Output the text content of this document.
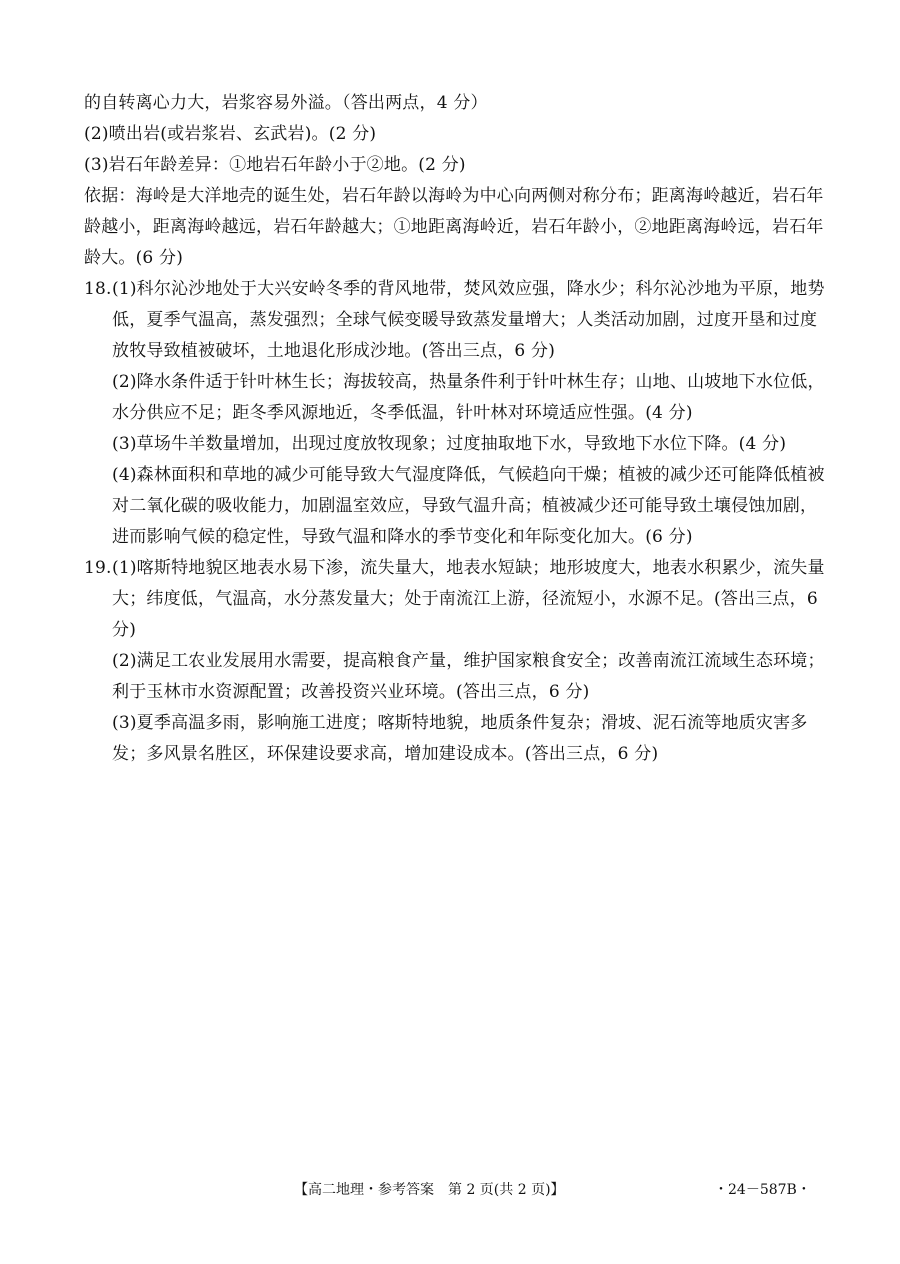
的自转离心力大，岩浆容易外溢。（答出两点，4 分）

(2)喷出岩(或岩浆岩、玄武岩)。(2 分)

(3)岩石年龄差异：①地岩石年龄小于②地。(2 分)

依据：海岭是大洋地壳的诞生处，岩石年龄以海岭为中心向两侧对称分布；距离海岭越近，岩石年龄越小，距离海岭越远，岩石年龄越大；①地距离海岭近，岩石年龄小，②地距离海岭远，岩石年龄大。(6 分)

18. (1)科尔沁沙地处于大兴安岭冬季的背风地带，焚风效应强，降水少；科尔沁沙地为平原，地势低，夏季气温高，蒸发强烈；全球气候变暖导致蒸发量增大；人类活动加剧，过度开垦和过度放牧导致植被破坏，土地退化形成沙地。(答出三点，6 分)

(2)降水条件适于针叶林生长；海拔较高，热量条件利于针叶林生存；山地、山坡地下水位低，水分供应不足；距冬季风源地近，冬季低温，针叶林对环境适应性强。(4 分)

(3)草场牛羊数量增加，出现过度放牧现象；过度抽取地下水，导致地下水位下降。(4 分)

(4)森林面积和草地的减少可能导致大气湿度降低，气候趋向干燥；植被的减少还可能降低植被对二氧化碳的吸收能力，加剧温室效应，导致气温升高；植被减少还可能导致土壤侵蚀加剧，进而影响气候的稳定性，导致气温和降水的季节变化和年际变化加大。(6 分)

19. (1)喀斯特地貌区地表水易下渗，流失量大，地表水短缺；地形坡度大，地表水积累少，流失量大；纬度低，气温高，水分蒸发量大；处于南流江上游，径流短小，水源不足。(答出三点，6 分)

(2)满足工农业发展用水需要，提高粮食产量，维护国家粮食安全；改善南流江流域生态环境；利于玉林市水资源配置；改善投资兴业环境。(答出三点，6 分)

(3)夏季高温多雨，影响施工进度；喀斯特地貌，地质条件复杂；滑坡、泥石流等地质灾害多发；多风景名胜区，环保建设要求高，增加建设成本。(答出三点，6 分)

【高二地理・参考答案　第 2 页(共 2 页)】	・24－587B・
